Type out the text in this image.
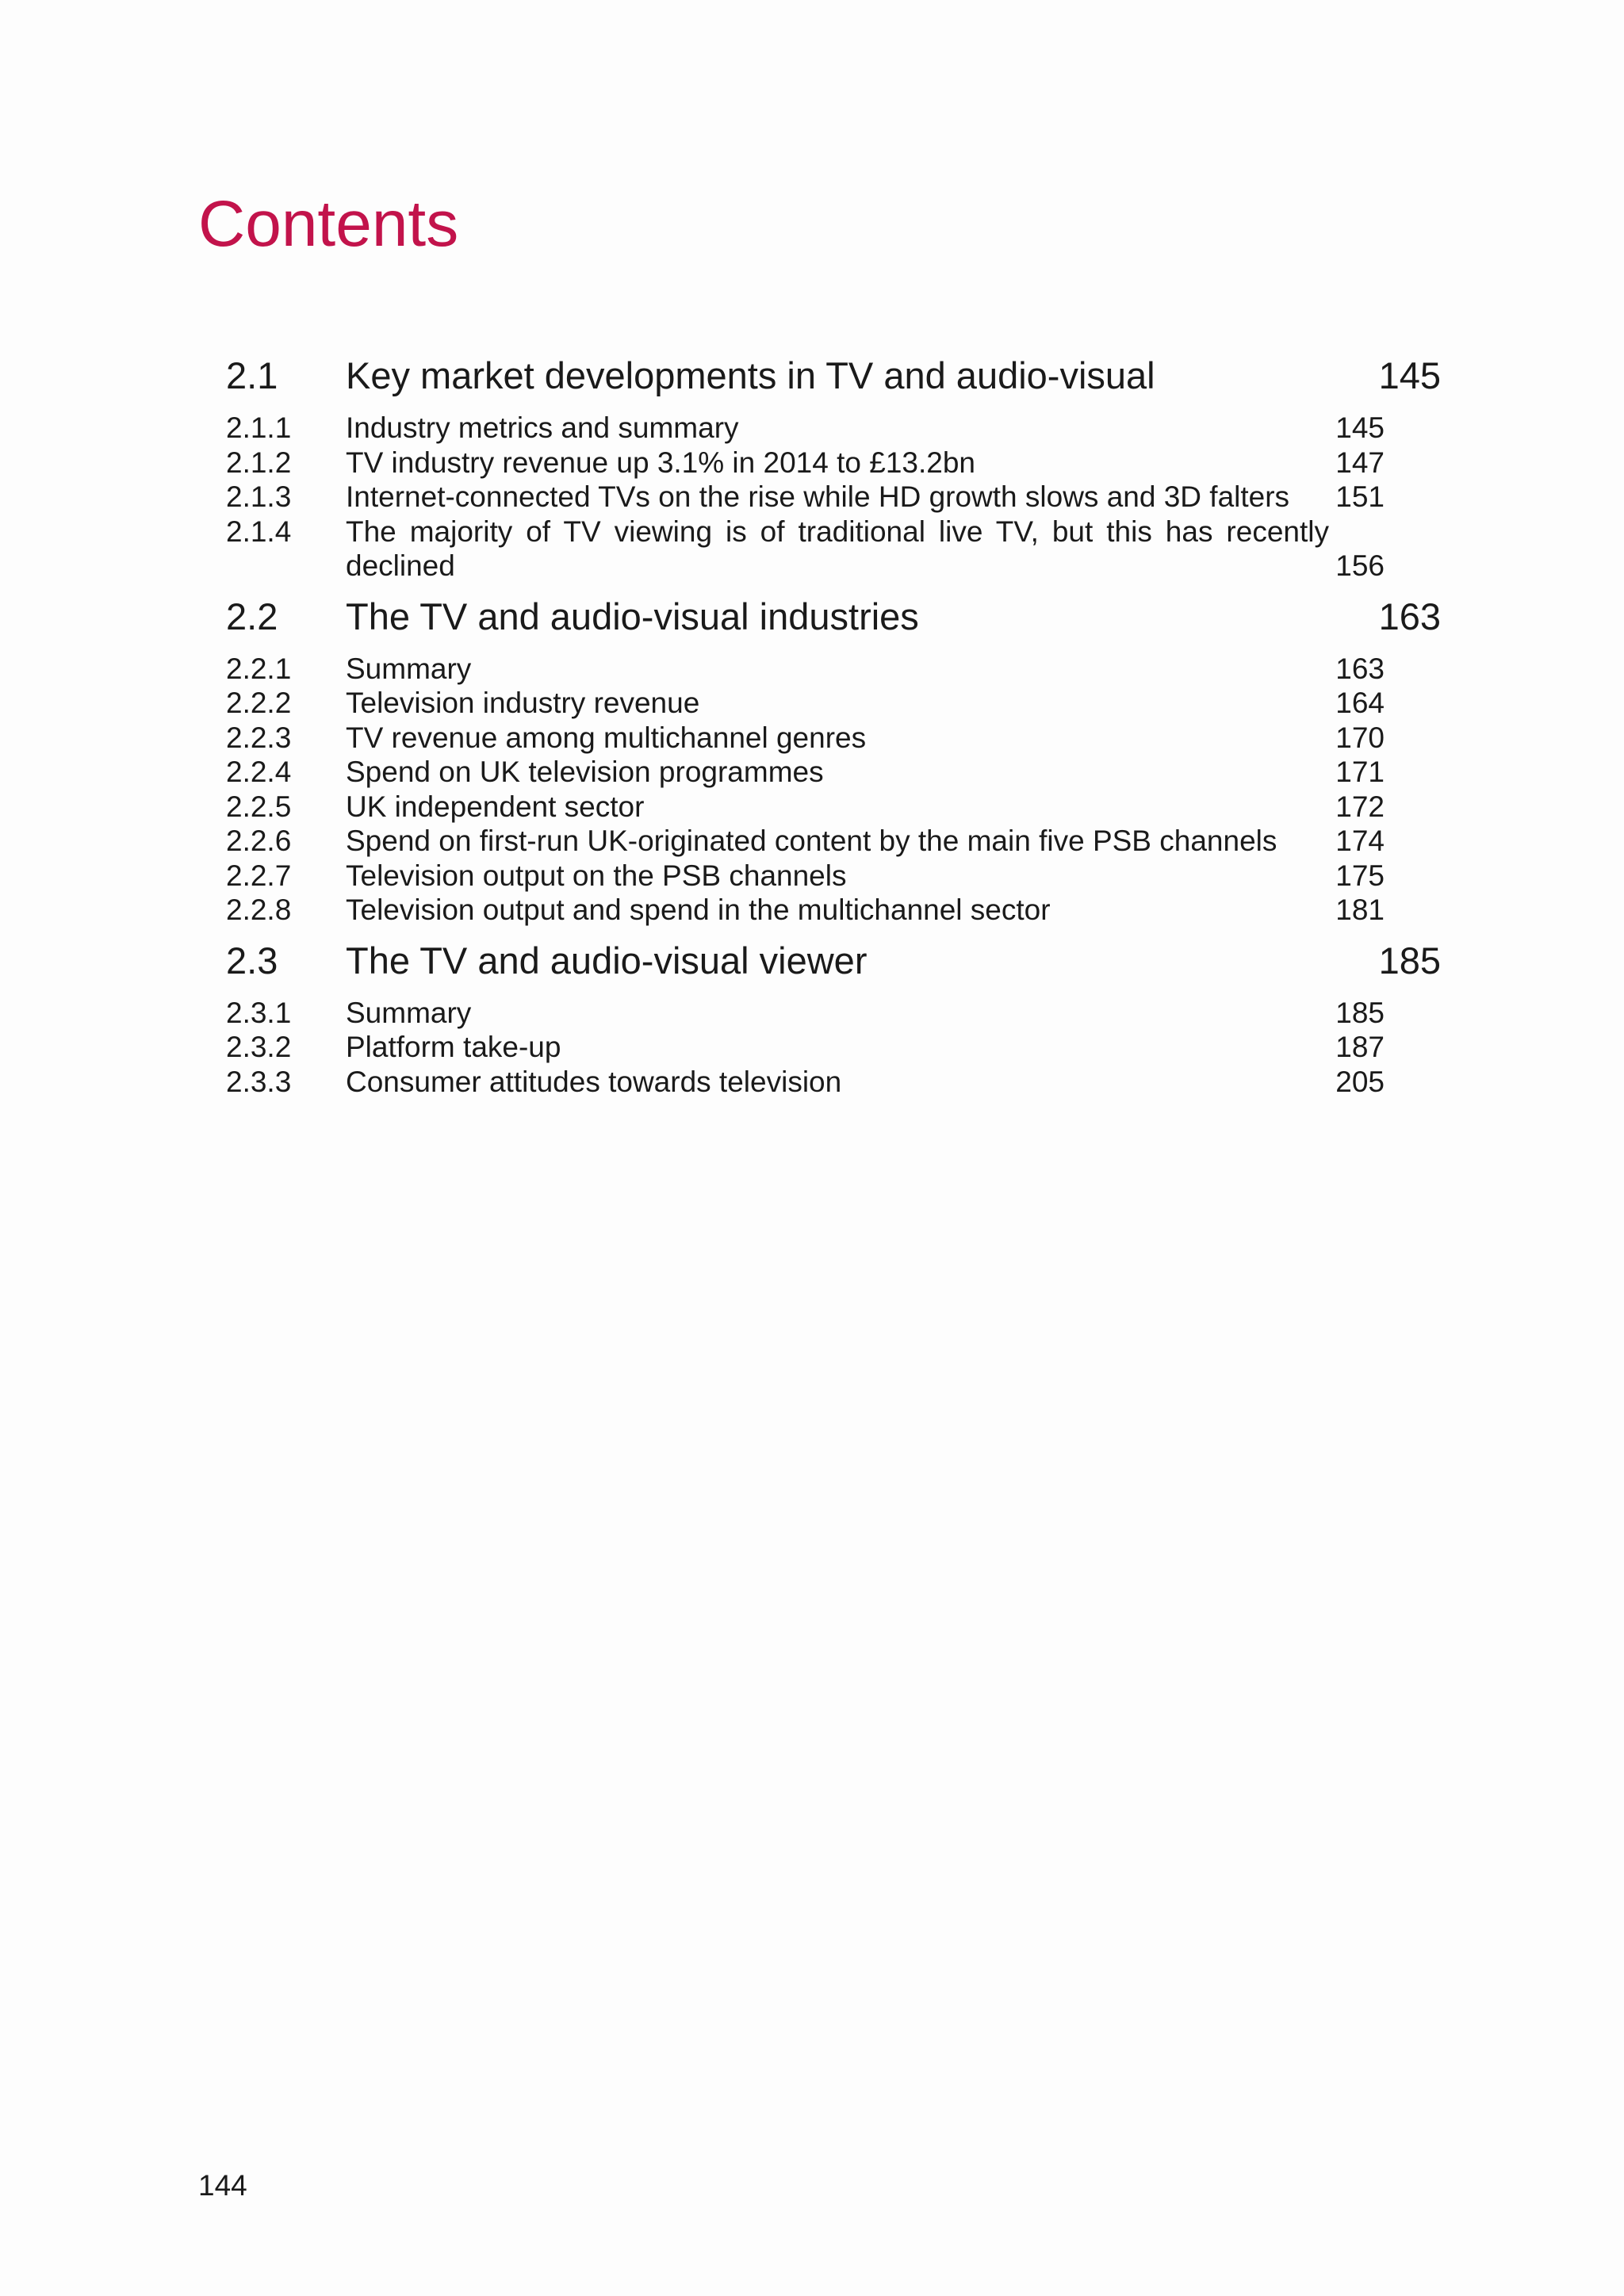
Contents
2.1	Key market developments in TV and audio-visual	145
2.1.1	Industry metrics and summary	145
2.1.2	TV industry revenue up 3.1% in 2014 to £13.2bn	147
2.1.3	Internet-connected TVs on the rise while HD growth slows and 3D falters	151
2.1.4	The majority of TV viewing is of traditional live TV, but this has recently declined	156
2.2	The TV and audio-visual industries	163
2.2.1	Summary	163
2.2.2	Television industry revenue	164
2.2.3	TV revenue among multichannel genres	170
2.2.4	Spend on UK television programmes	171
2.2.5	UK independent sector	172
2.2.6	Spend on first-run UK-originated content by the main five PSB channels	174
2.2.7	Television output on the PSB channels	175
2.2.8	Television output and spend in the multichannel sector	181
2.3	The TV and audio-visual viewer	185
2.3.1	Summary	185
2.3.2	Platform take-up	187
2.3.3	Consumer attitudes towards television	205
144
